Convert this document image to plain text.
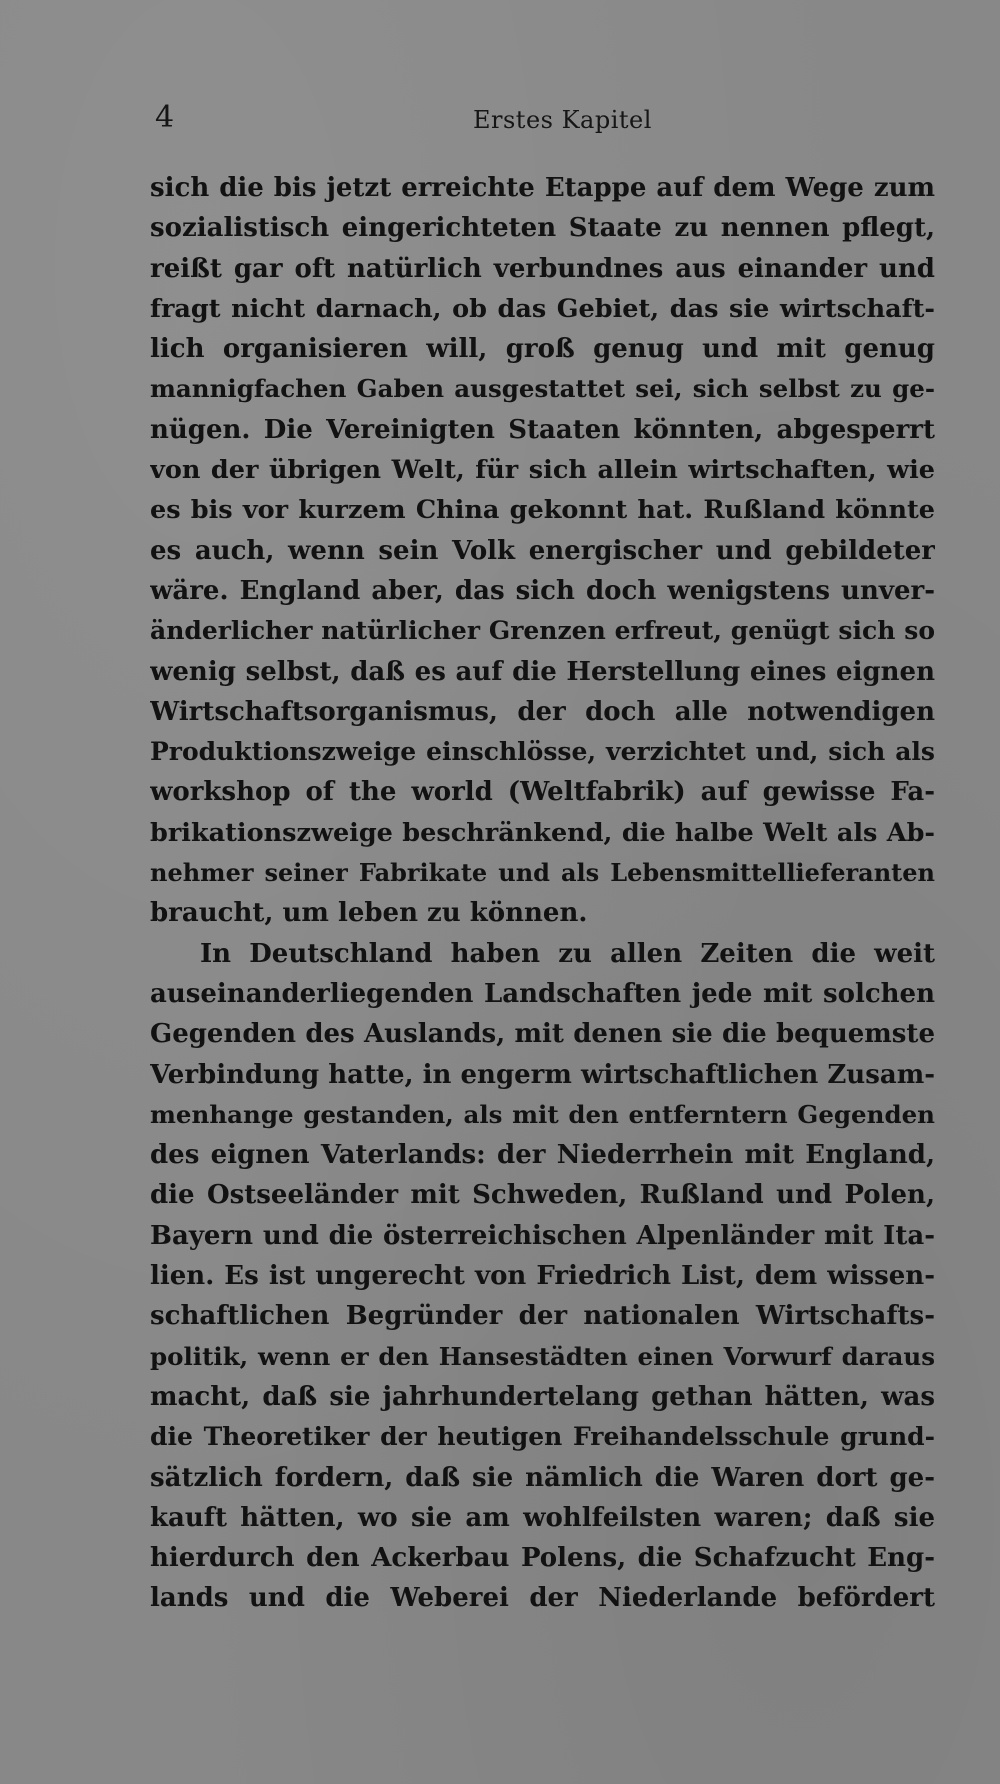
4	Erstes Kapitel
sich die bis jetzt erreichte Etappe auf dem Wege zum
sozialistisch eingerichteten Staate zu nennen pflegt,
reißt gar oft natürlich verbundnes aus einander und
fragt nicht darnach, ob das Gebiet, das sie wirtschaft-
lich organisieren will, groß genug und mit genug
mannigfachen Gaben ausgestattet sei, sich selbst zu ge-
nügen. Die Vereinigten Staaten könnten, abgesperrt
von der übrigen Welt, für sich allein wirtschaften, wie
es bis vor kurzem China gekonnt hat. Rußland könnte
es auch, wenn sein Volk energischer und gebildeter
wäre. England aber, das sich doch wenigstens unver-
änderlicher natürlicher Grenzen erfreut, genügt sich so
wenig selbst, daß es auf die Herstellung eines eignen
Wirtschaftsorganismus, der doch alle notwendigen
Produktionszweige einschlösse, verzichtet und, sich als
workshop of the world (Weltfabrik) auf gewisse Fa-
brikationszweige beschränkend, die halbe Welt als Ab-
nehmer seiner Fabrikate und als Lebensmittellieferanten
braucht, um leben zu können.
In Deutschland haben zu allen Zeiten die weit
auseinanderliegenden Landschaften jede mit solchen
Gegenden des Auslands, mit denen sie die bequemste
Verbindung hatte, in engerm wirtschaftlichen Zusam-
menhange gestanden, als mit den entferntern Gegenden
des eignen Vaterlands: der Niederrhein mit England,
die Ostseeländer mit Schweden, Rußland und Polen,
Bayern und die österreichischen Alpenländer mit Ita-
lien. Es ist ungerecht von Friedrich List, dem wissen-
schaftlichen Begründer der nationalen Wirtschafts-
politik, wenn er den Hansestädten einen Vorwurf daraus
macht, daß sie jahrhundertelang gethan hätten, was
die Theoretiker der heutigen Freihandelsschule grund-
sätzlich fordern, daß sie nämlich die Waren dort ge-
kauft hätten, wo sie am wohlfeilsten waren; daß sie
hierdurch den Ackerbau Polens, die Schafzucht Eng-
lands und die Weberei der Niederlande befördert
